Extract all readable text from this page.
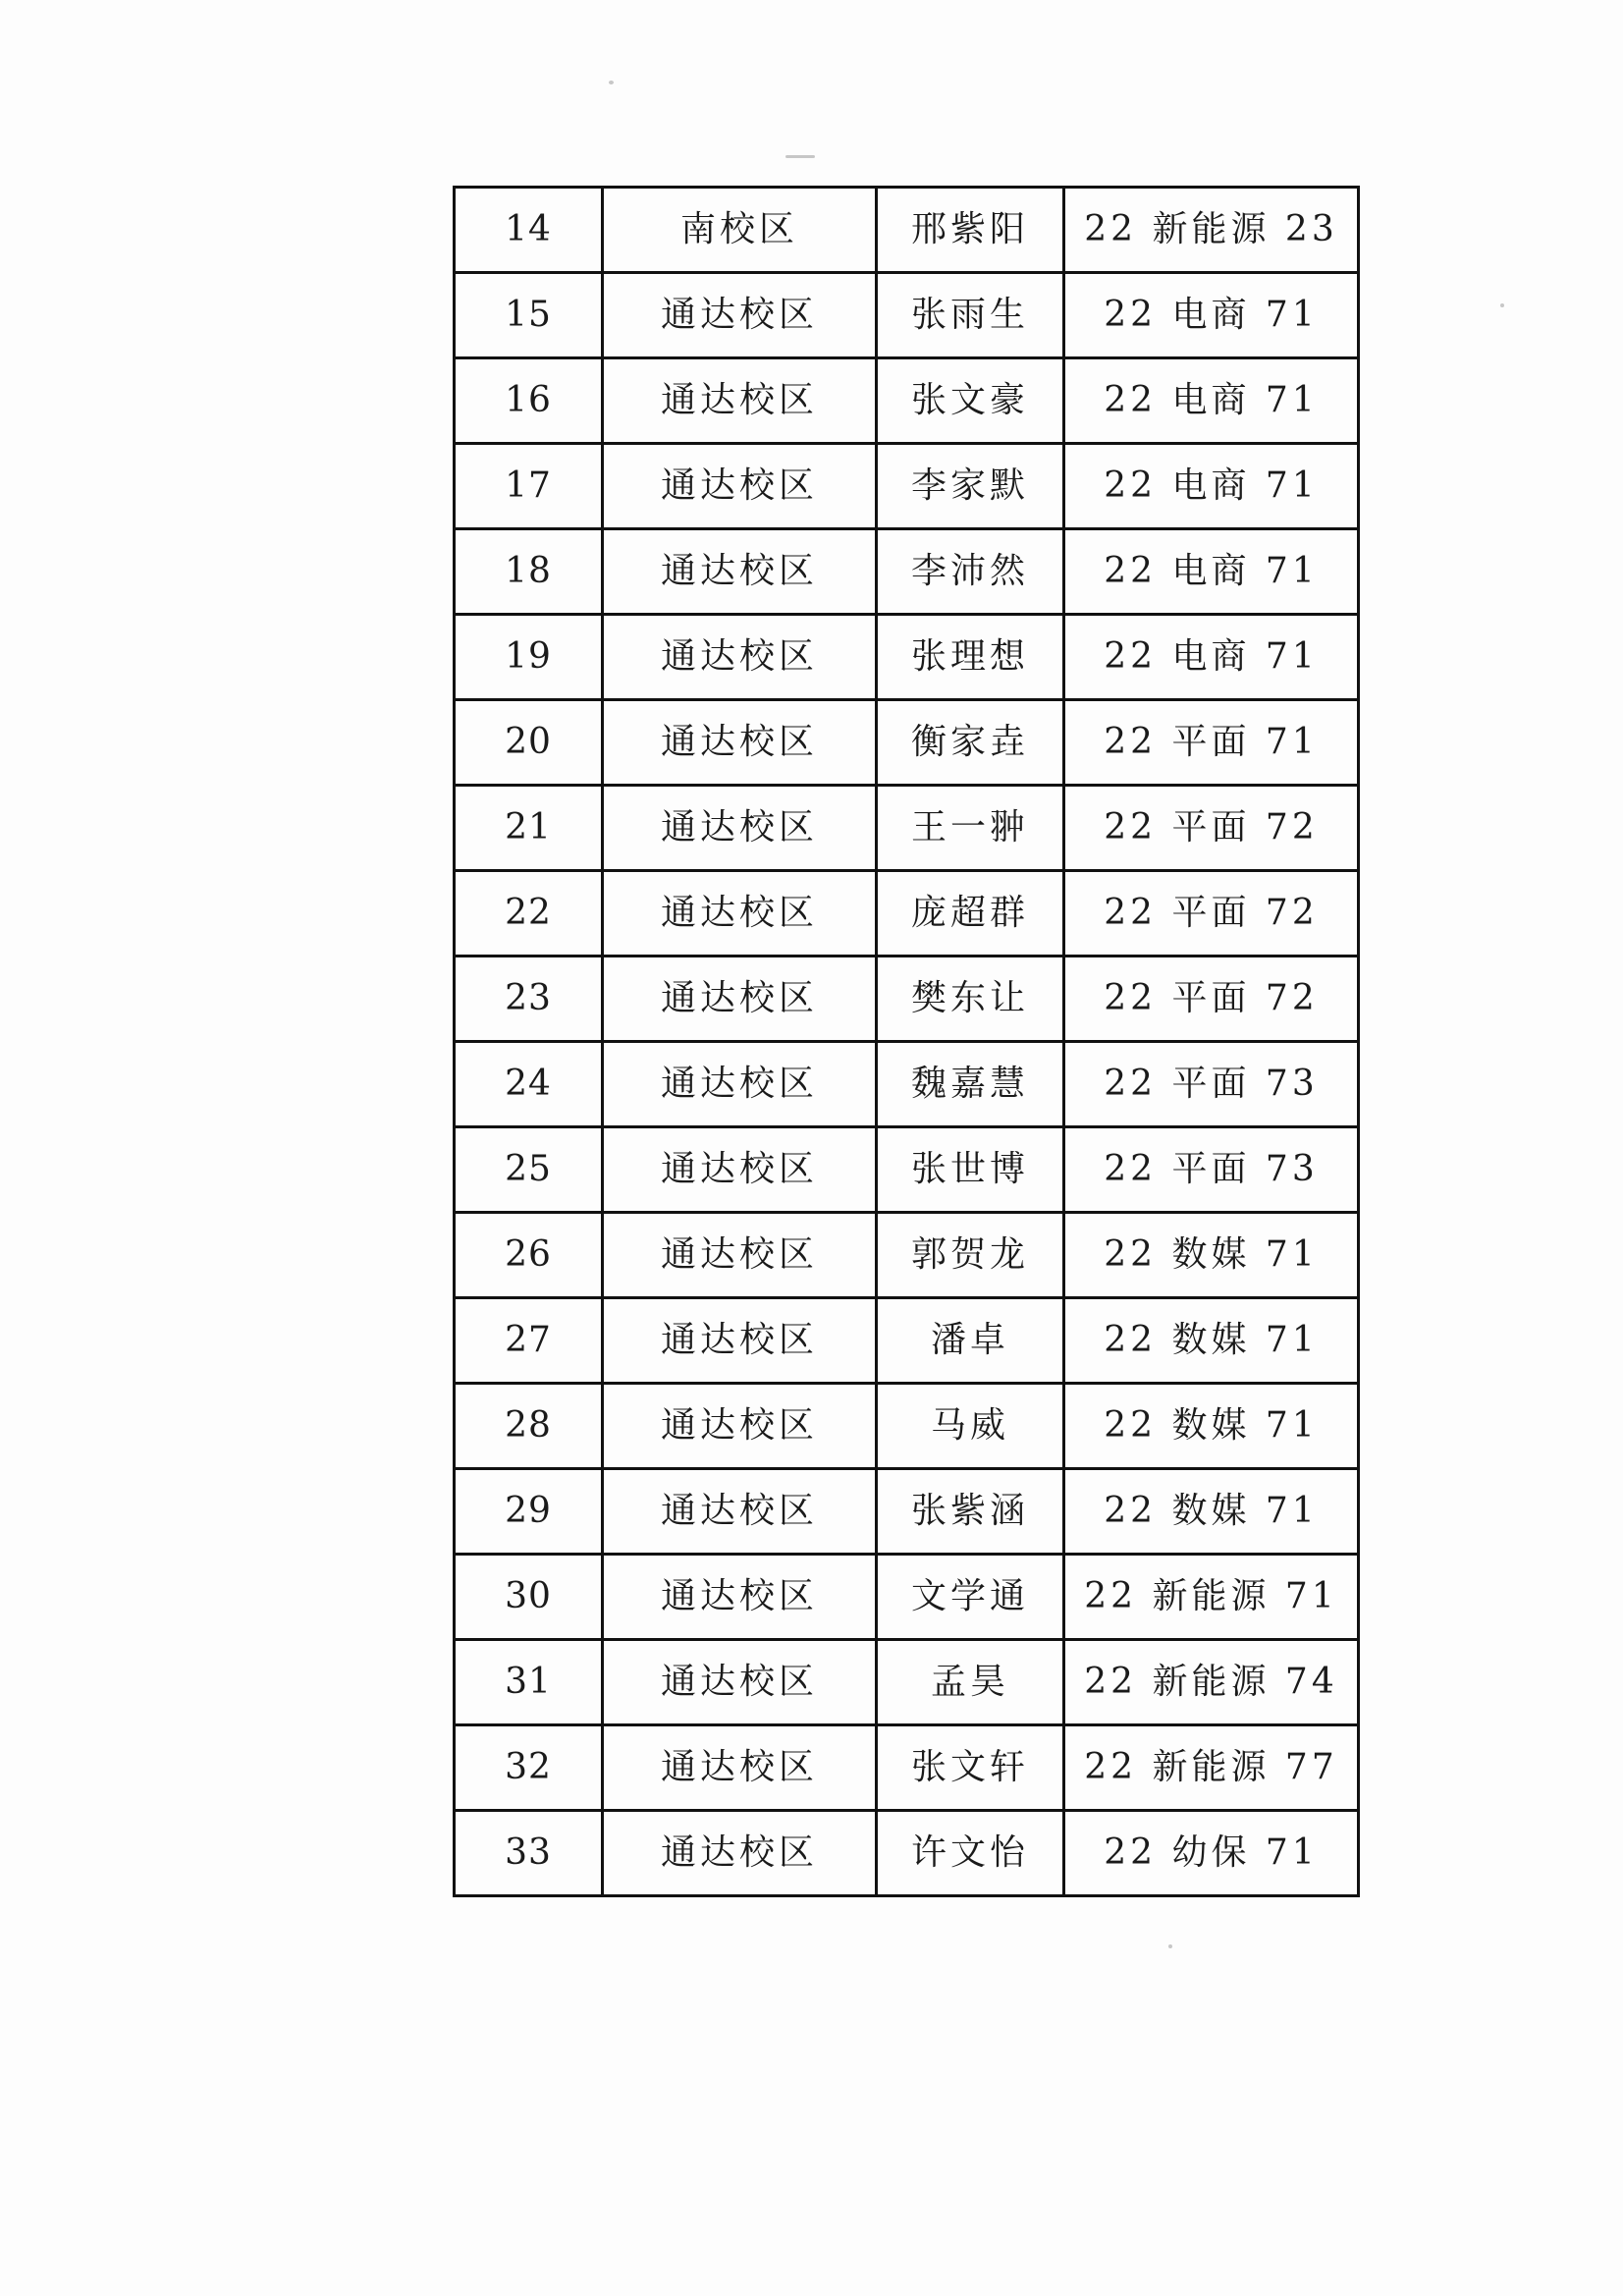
14	南校区	邢紫阳	22 新能源 23
15	通达校区	张雨生	22 电商 71
16	通达校区	张文豪	22 电商 71
17	通达校区	李家默	22 电商 71
18	通达校区	李沛然	22 电商 71
19	通达校区	张理想	22 电商 71
20	通达校区	衡家垚	22 平面 71
21	通达校区	王一翀	22 平面 72
22	通达校区	庞超群	22 平面 72
23	通达校区	樊东让	22 平面 72
24	通达校区	魏嘉慧	22 平面 73
25	通达校区	张世博	22 平面 73
26	通达校区	郭贺龙	22 数媒 71
27	通达校区	潘卓	22 数媒 71
28	通达校区	马威	22 数媒 71
29	通达校区	张紫涵	22 数媒 71
30	通达校区	文学通	22 新能源 71
31	通达校区	孟昊	22 新能源 74
32	通达校区	张文轩	22 新能源 77
33	通达校区	许文怡	22 幼保 71
